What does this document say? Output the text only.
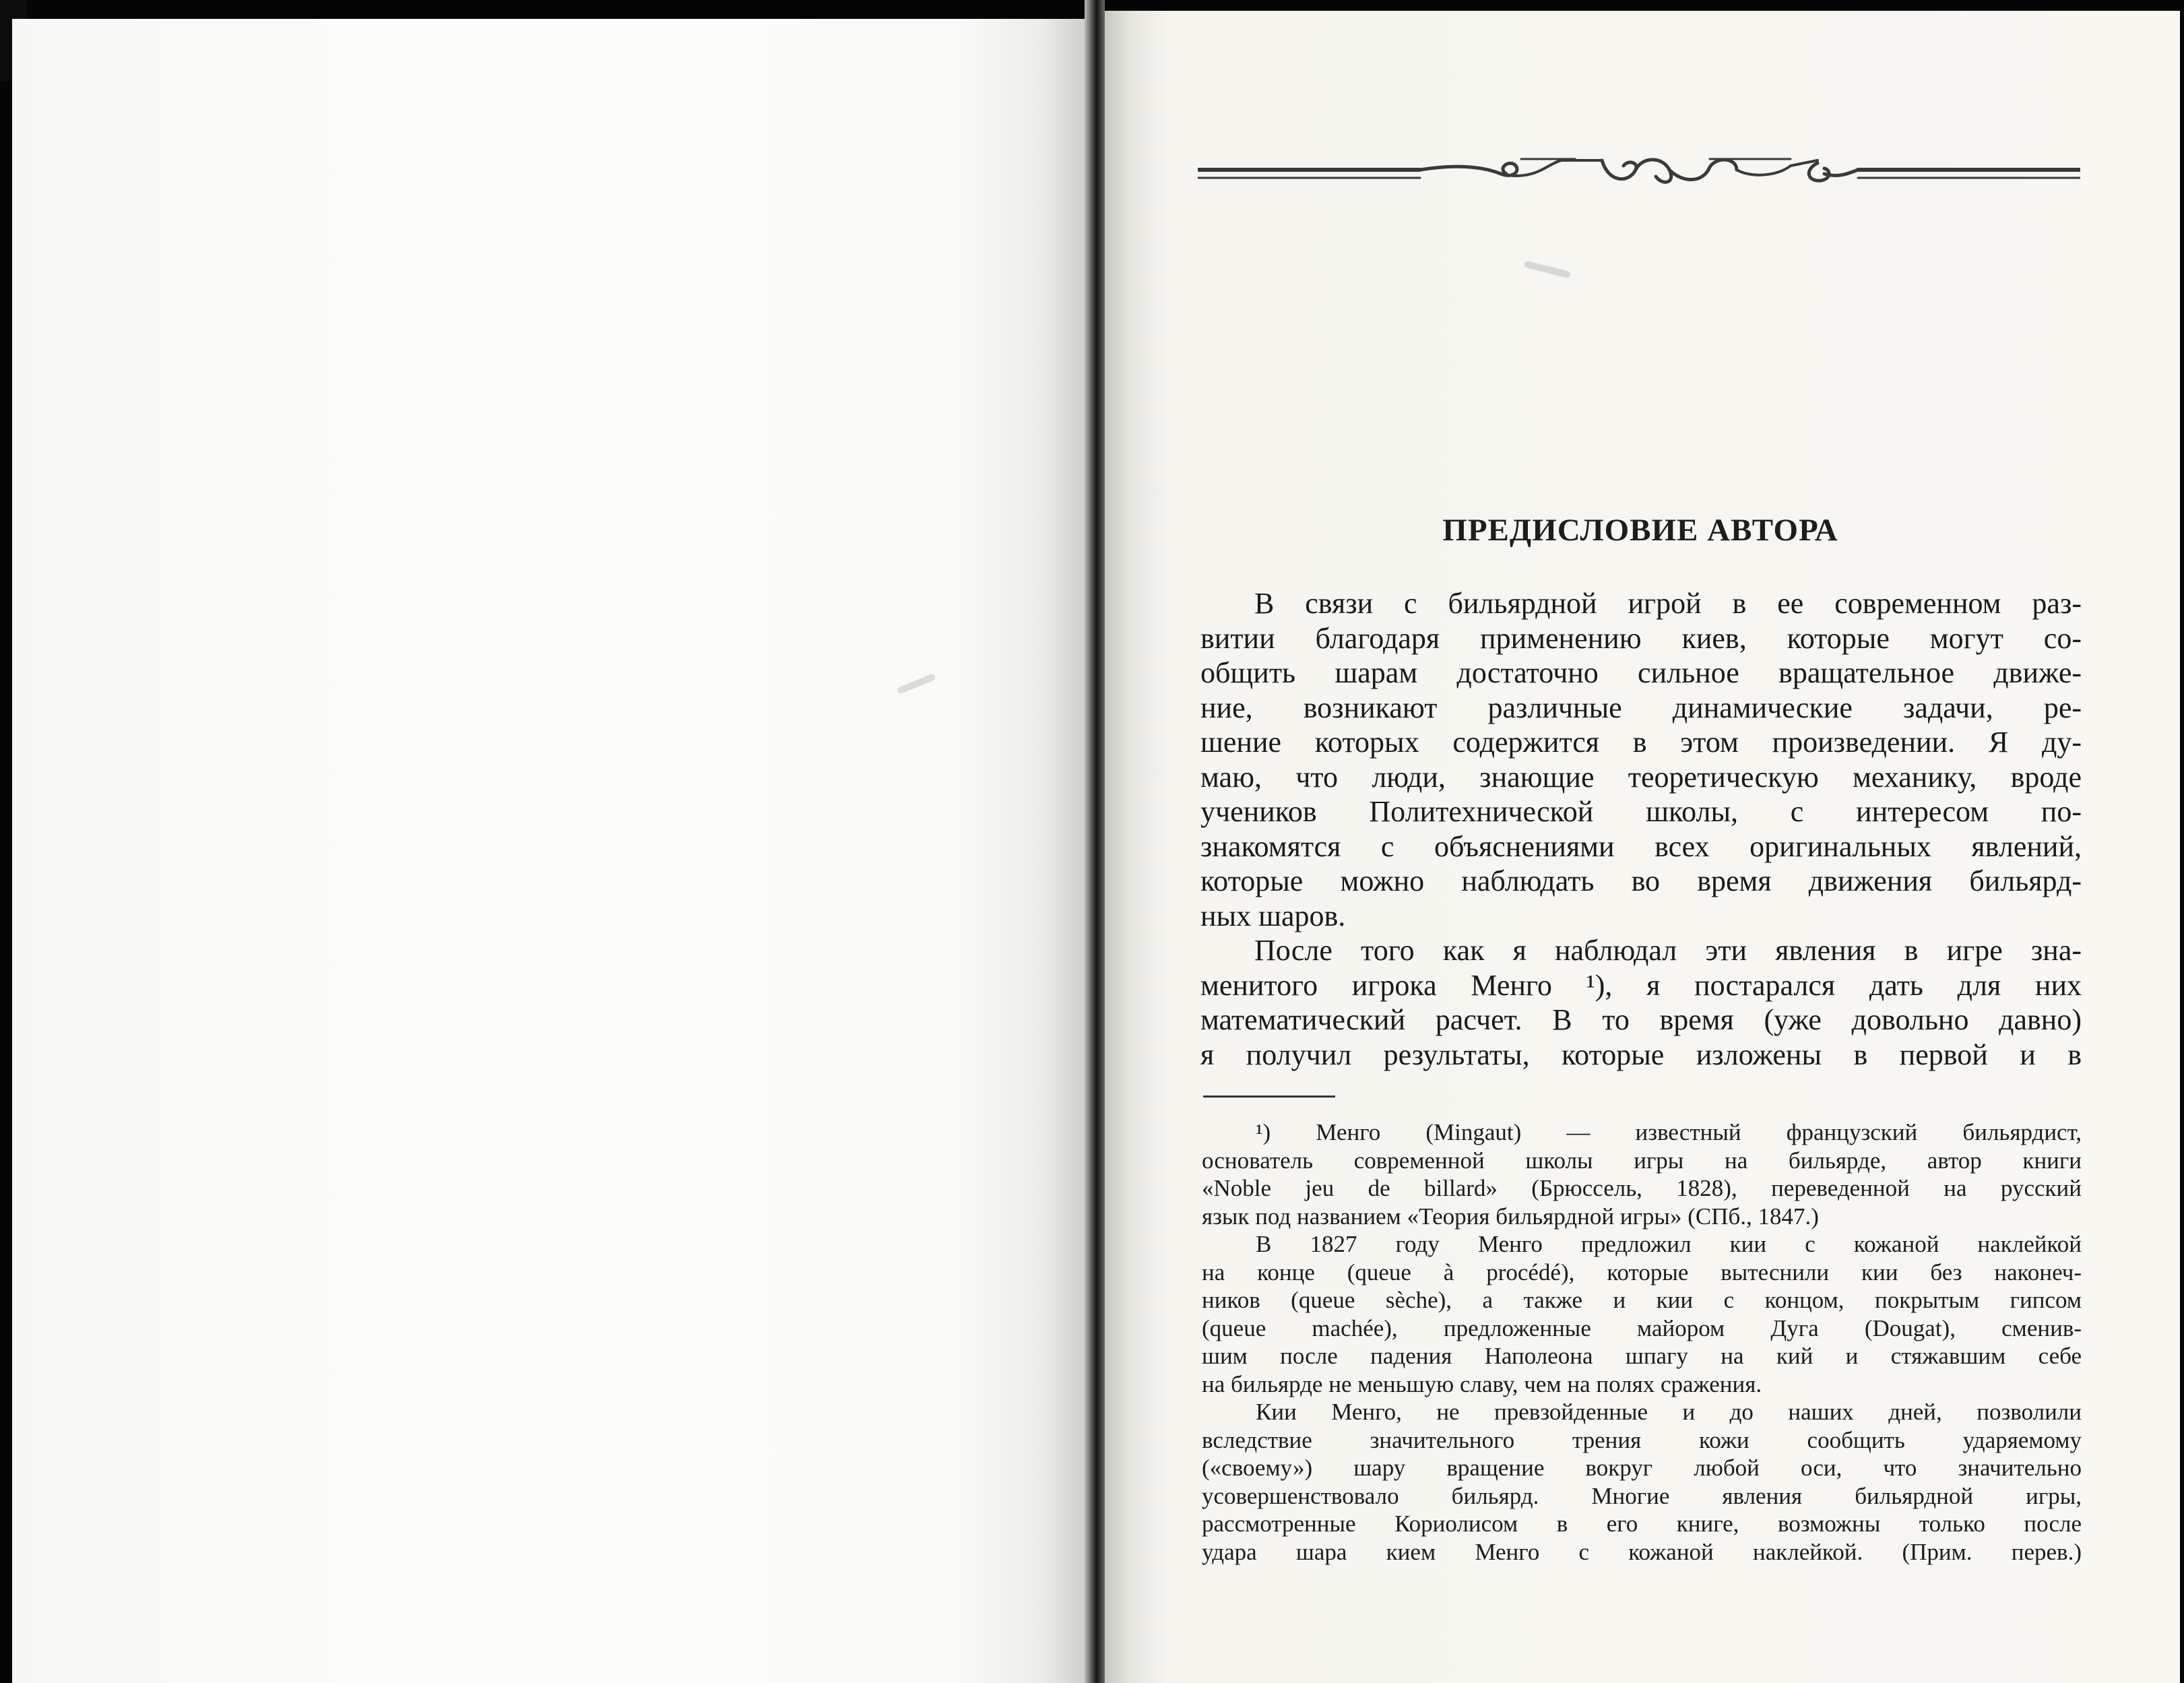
ПРЕДИСЛОВИЕ АВТОРА
В связи с бильярдной игрой в ее современном раз-
витии благодаря применению киев, которые могут со-
общить шарам достаточно сильное вращательное движе-
ние, возникают различные динамические задачи, ре-
шение которых содержится в этом произведении. Я ду-
маю, что люди, знающие теоретическую механику, вроде
учеников Политехнической школы, с интересом по-
знакомятся с объяснениями всех оригинальных явлений,
которые можно наблюдать во время движения бильярд-
ных шаров.
После того как я наблюдал эти явления в игре зна-
менитого игрока Менго ¹), я постарался дать для них
математический расчет. В то время (уже довольно давно)
я получил результаты, которые изложены в первой и в
¹) Менго (Mingaut) — известный французский бильярдист,
основатель современной школы игры на бильярде, автор книги
«Noble jeu de billard» (Брюссель, 1828), переведенной на русский
язык под названием «Теория бильярдной игры» (СПб., 1847.)
В 1827 году Менго предложил кии с кожаной наклейкой
на конце (queue à procédé), которые вытеснили кии без наконеч-
ников (queue sèche), а также и кии с концом, покрытым гипсом
(queue machée), предложенные майором Дуга (Dougat), сменив-
шим после падения Наполеона шпагу на кий и стяжавшим себе
на бильярде не меньшую славу, чем на полях сражения.
Кии Менго, не превзойденные и до наших дней, позволили
вследствие значительного трения кожи сообщить ударяемому
(«своему») шару вращение вокруг любой оси, что значительно
усовершенствовало бильярд. Многие явления бильярдной игры,
рассмотренные Кориолисом в его книге, возможны только после
удара шара кием Менго с кожаной наклейкой. (Прим. перев.)
